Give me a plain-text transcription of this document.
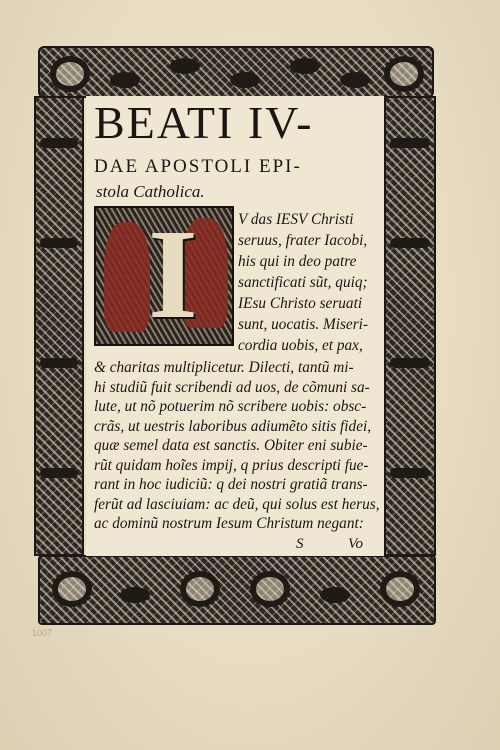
BEATI IV-
DAE APOSTOLI EPI-
stola Catholica.
I	V das IESV Christi
seruus, frater Iacobi,
his qui in deo patre
sanctificati sũt, quiq;
IEsu Christo seruati
sunt, uocatis. Miseri-
cordia uobis, et pax,
& charitas multiplicetur. Dilecti, tantũ mi-
hi studiũ fuit scribendi ad uos, de cõmuni sa-
lute, ut nõ potuerim nõ scribere uobis: obsc-
crãs, ut uestris laboribus adiumẽto sitis fidei,
quæ semel data est sanctis. Obiter eni subie-
rũt quidam hoĩes impij, q prius descripti fue-
rant in hoc iudiciũ: q dei nostri gratiã trans-
ferũt ad lasciuiam: ac deũ, qui solus est herus,
S	Vo
ac dominũ nostrum Iesum Christum negant:
1007
